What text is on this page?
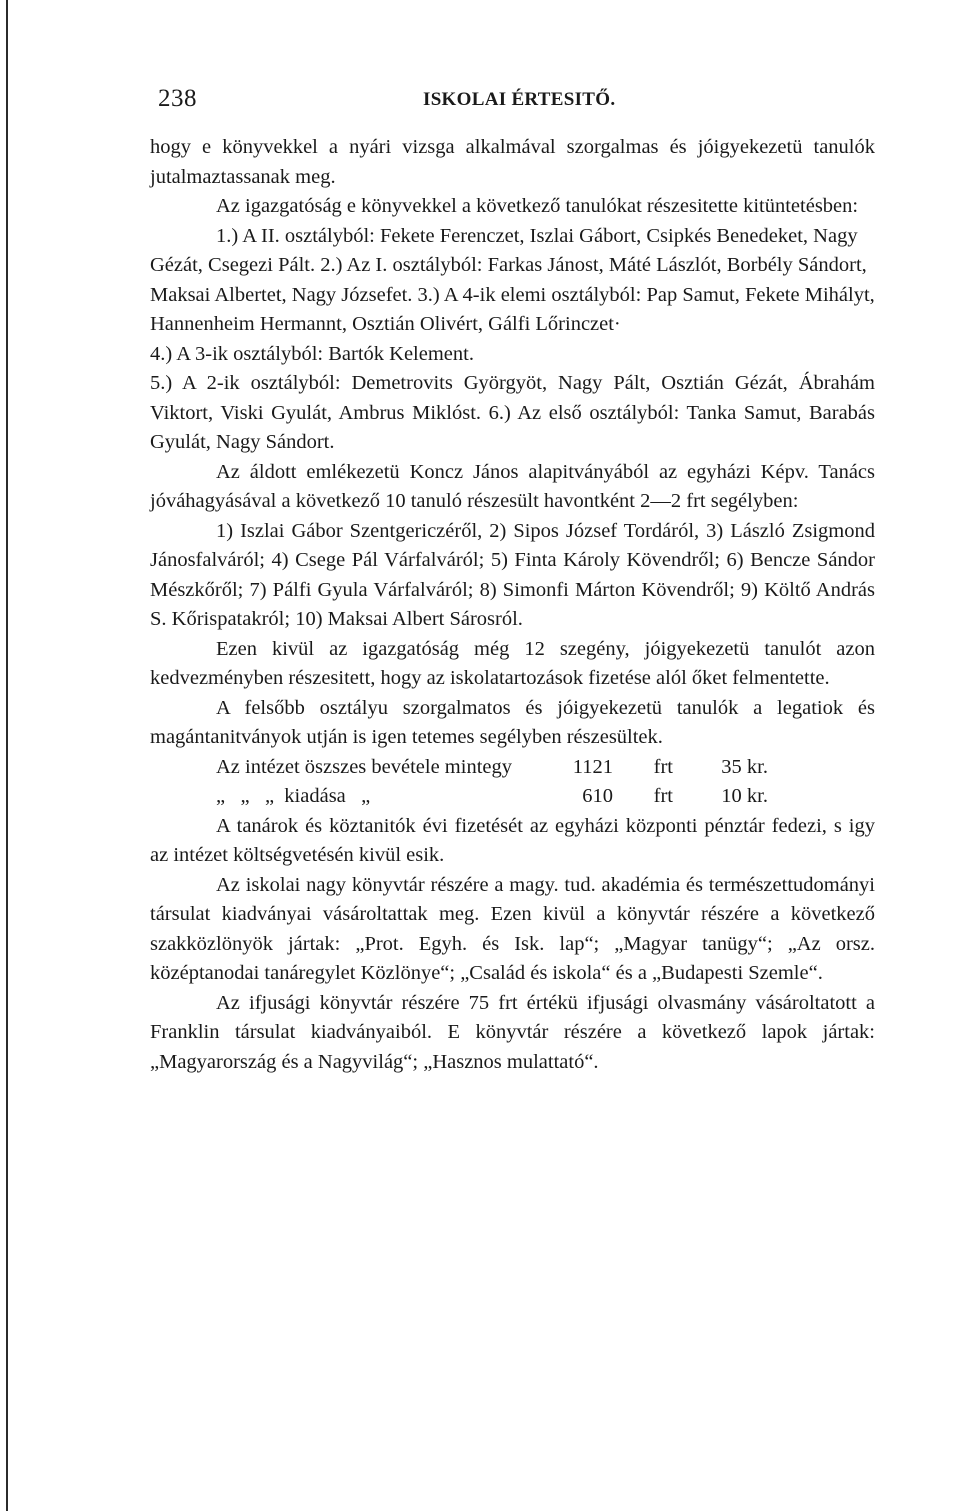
238	ISKOLAI ÉRTESITŐ.

hogy e könyvekkel a nyári vizsga alkalmával szorgalmas és jóigyekezetü tanulók jutalmaztassanak meg.

Az igazgatóság e könyvekkel a következő tanulókat részesitette kitüntetésben:

1.) A II. osztályból: Fekete Ferenczet, Iszlai Gábort, Csipkés Benedeket, Nagy Gézát, Csegezi Pált. 2.) Az I. osztályból: Farkas Jánost, Máté Lászlót, Borbély Sándort, Maksai Albertet, Nagy Józsefet. 3.) A 4-ik elemi osztályból: Pap Samut, Fekete Mihályt, Hannenheim Hermannt, Osztián Olivért, Gálfi Lőrinczet·

4.) A 3-ik osztályból: Bartók Kelement.

5.) A 2-ik osztályból: Demetrovits Györgyöt, Nagy Pált, Osztián Gézát, Ábrahám Viktort, Viski Gyulát, Ambrus Miklóst. 6.) Az első osztályból: Tanka Samut, Barabás Gyulát, Nagy Sándort.

Az áldott emlékezetü Koncz János alapitványából az egyházi Képv. Tanács jóváhagyásával a következő 10 tanuló részesült havontként 2—2 frt segélyben:

1) Iszlai Gábor Szentgericzéről, 2) Sipos József Tordáról, 3) László Zsigmond Jánosfalváról; 4) Csege Pál Várfalváról; 5) Finta Károly Kövendről; 6) Bencze Sándor Mészkőről; 7) Pálfi Gyula Várfalváról; 8) Simonfi Márton Kövendről; 9) Költő András S. Kőrispatakról; 10) Maksai Albert Sárosról.

Ezen kivül az igazgatóság még 12 szegény, jóigyekezetü tanulót azon kedvezményben részesitett, hogy az iskolatartozások fizetése alól őket felmentette.

A felsőbb osztályu szorgalmatos és jóigyekezetü tanulók a legatiok és magántanitványok utján is igen tetemes segélyben részesültek.

Az intézet öszszes bevétele mintegy	1121	frt	35 kr.
„   „   „  kiadása   „	610	frt	10 kr.

A tanárok és köztanitók évi fizetését az egyházi központi pénztár fedezi, s igy az intézet költségvetésén kivül esik.

Az iskolai nagy könyvtár részére a magy. tud. akadémia és természettudományi társulat kiadványai vásároltattak meg. Ezen kivül a könyvtár részére a következő szakközlönyök jártak: „Prot. Egyh. és Isk. lap“; „Magyar tanügy“; „Az orsz. középtanodai tanáregylet Közlönye“; „Család és iskola“ és a „Budapesti Szemle“.

Az ifjusági könyvtár részére 75 frt értékü ifjusági olvasmány vásároltatott a Franklin társulat kiadványaiból. E könyvtár részére a következő lapok jártak: „Magyarország és a Nagyvilág“; „Hasznos mulattató“.
